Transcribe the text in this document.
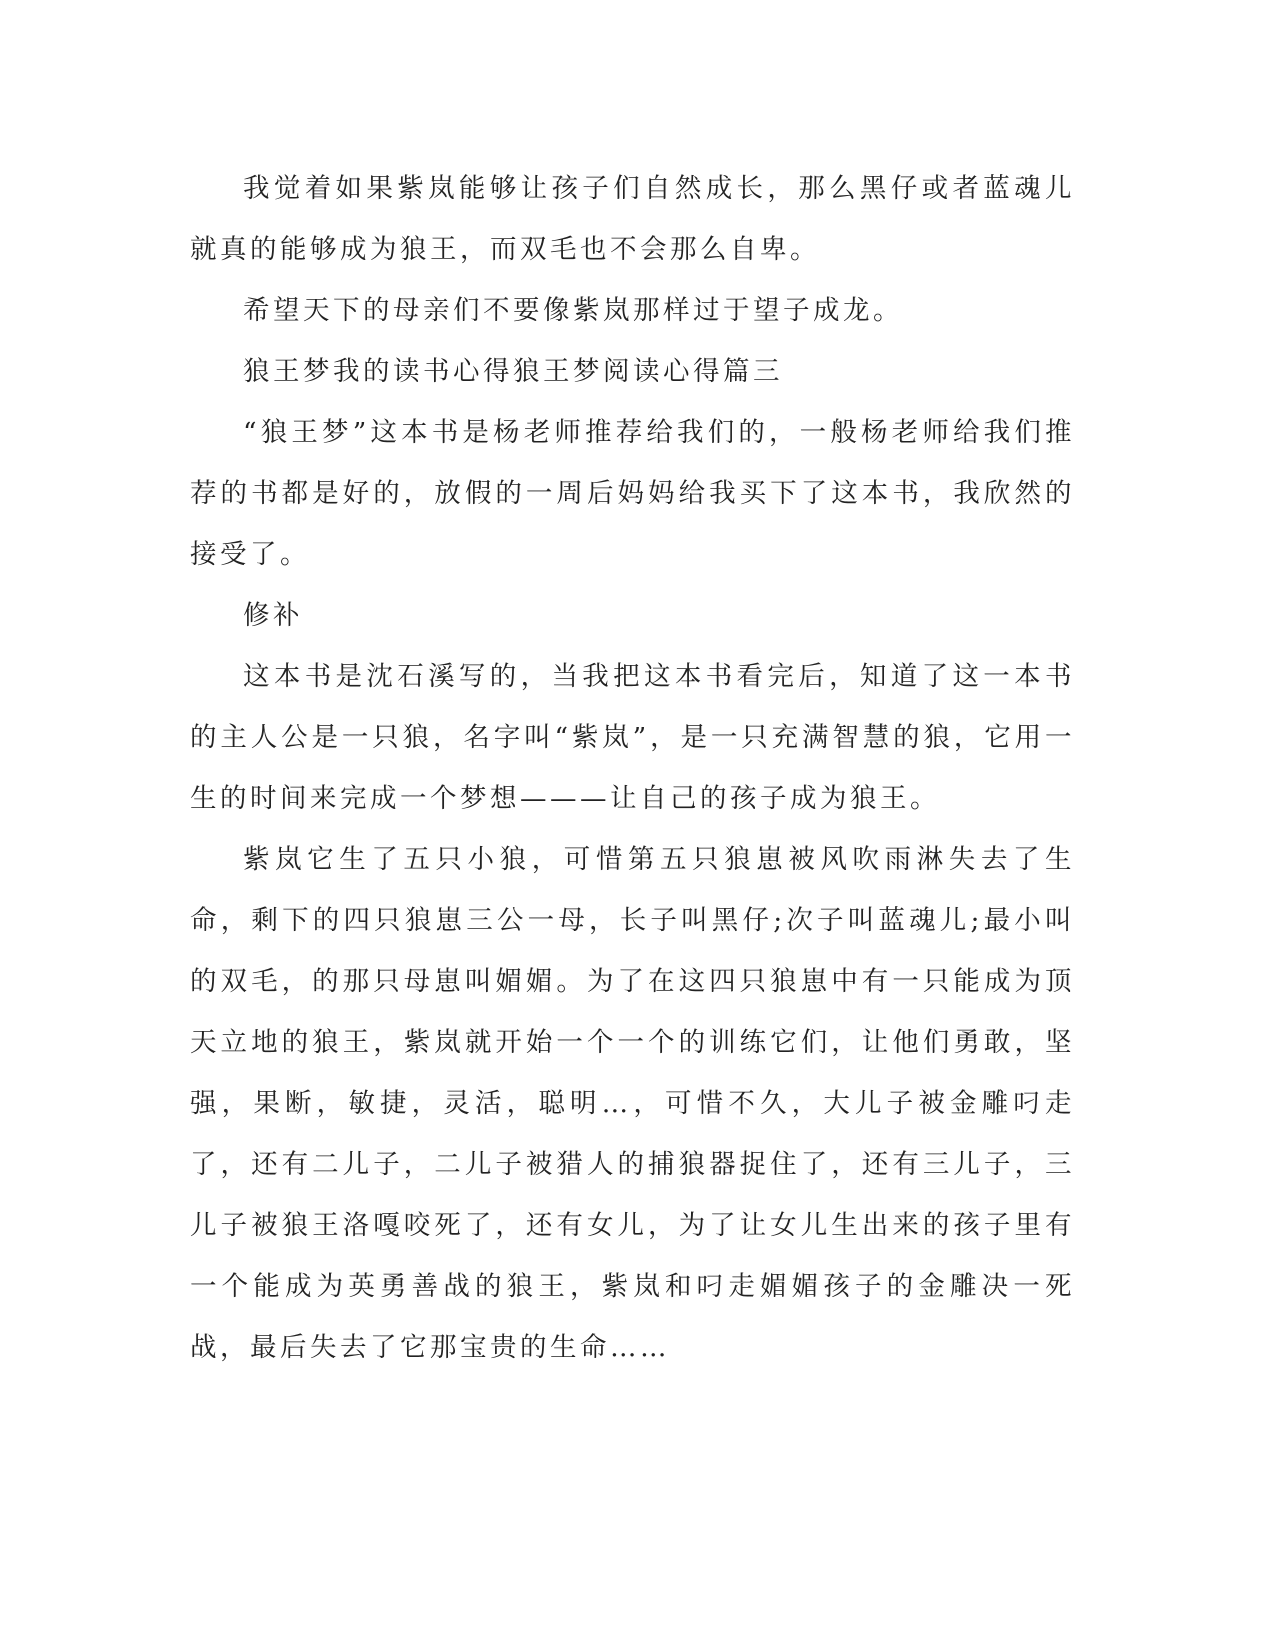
我觉着如果紫岚能够让孩子们自然成长，那么黑仔或者蓝魂儿就真的能够成为狼王，而双毛也不会那么自卑。

希望天下的母亲们不要像紫岚那样过于望子成龙。

狼王梦我的读书心得狼王梦阅读心得篇三

“狼王梦”这本书是杨老师推荐给我们的，一般杨老师给我们推荐的书都是好的，放假的一周后妈妈给我买下了这本书，我欣然的接受了。

修补

这本书是沈石溪写的，当我把这本书看完后，知道了这一本书的主人公是一只狼，名字叫“紫岚”，是一只充满智慧的狼，它用一生的时间来完成一个梦想———让自己的孩子成为狼王。

紫岚它生了五只小狼，可惜第五只狼崽被风吹雨淋失去了生命，剩下的四只狼崽三公一母，长子叫黑仔;次子叫蓝魂儿;最小叫的双毛，的那只母崽叫媚媚。为了在这四只狼崽中有一只能成为顶天立地的狼王，紫岚就开始一个一个的训练它们，让他们勇敢，坚强，果断，敏捷，灵活，聪明…，可惜不久，大儿子被金雕叼走了，还有二儿子，二儿子被猎人的捕狼器捉住了，还有三儿子，三儿子被狼王洛嘎咬死了，还有女儿，为了让女儿生出来的孩子里有一个能成为英勇善战的狼王，紫岚和叼走媚媚孩子的金雕决一死战，最后失去了它那宝贵的生命……
